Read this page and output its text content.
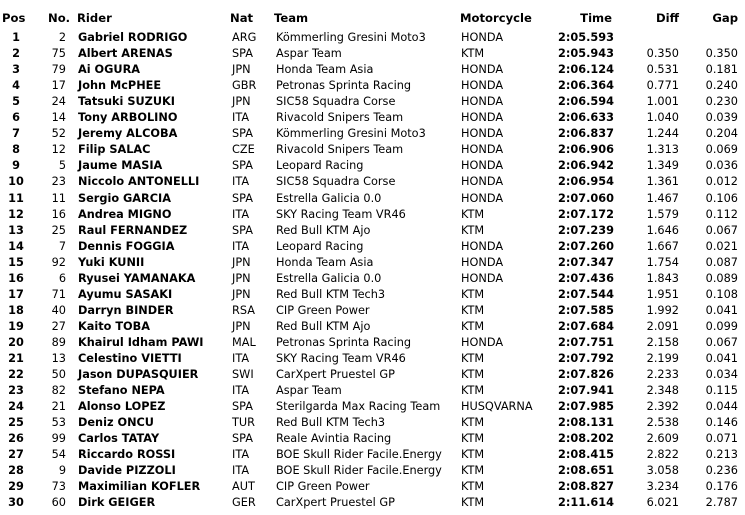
Pos	No. Rider	Nat	Team	Motorcycle	Time	Diff	Gap
1	2 Gabriel RODRIGO	ARG	Kömmerling Gresini Moto3	HONDA	2:05.593
2	75 Albert ARENAS	SPA	Aspar Team	KTM	2:05.943	0.350	0.350
3	79 Ai OGURA	JPN	Honda Team Asia	HONDA	2:06.124	0.531	0.181
4	17 John McPHEE	GBR	Petronas Sprinta Racing	HONDA	2:06.364	0.771	0.240
5	24 Tatsuki SUZUKI	JPN	SIC58 Squadra Corse	HONDA	2:06.594	1.001	0.230
6	14 Tony ARBOLINO	ITA	Rivacold Snipers Team	HONDA	2:06.633	1.040	0.039
7	52 Jeremy ALCOBA	SPA	Kömmerling Gresini Moto3	HONDA	2:06.837	1.244	0.204
8	12 Filip SALAC	CZE	Rivacold Snipers Team	HONDA	2:06.906	1.313	0.069
9	5 Jaume MASIA	SPA	Leopard Racing	HONDA	2:06.942	1.349	0.036
10	23 Niccolo ANTONELLI	ITA	SIC58 Squadra Corse	HONDA	2:06.954	1.361	0.012
11	11 Sergio GARCIA	SPA	Estrella Galicia 0.0	HONDA	2:07.060	1.467	0.106
12	16 Andrea MIGNO	ITA	SKY Racing Team VR46	KTM	2:07.172	1.579	0.112
13	25 Raul FERNANDEZ	SPA	Red Bull KTM Ajo	KTM	2:07.239	1.646	0.067
14	7 Dennis FOGGIA	ITA	Leopard Racing	HONDA	2:07.260	1.667	0.021
15	92 Yuki KUNII	JPN	Honda Team Asia	HONDA	2:07.347	1.754	0.087
16	6 Ryusei YAMANAKA	JPN	Estrella Galicia 0.0	HONDA	2:07.436	1.843	0.089
17	71 Ayumu SASAKI	JPN	Red Bull KTM Tech3	KTM	2:07.544	1.951	0.108
18	40 Darryn BINDER	RSA	CIP Green Power	KTM	2:07.585	1.992	0.041
19	27 Kaito TOBA	JPN	Red Bull KTM Ajo	KTM	2:07.684	2.091	0.099
20	89 Khairul Idham PAWI	MAL	Petronas Sprinta Racing	HONDA	2:07.751	2.158	0.067
21	13 Celestino VIETTI	ITA	SKY Racing Team VR46	KTM	2:07.792	2.199	0.041
22	50 Jason DUPASQUIER	SWI	CarXpert Pruestel GP	KTM	2:07.826	2.233	0.034
23	82 Stefano NEPA	ITA	Aspar Team	KTM	2:07.941	2.348	0.115
24	21 Alonso LOPEZ	SPA	Sterilgarda Max Racing Team	HUSQVARNA	2:07.985	2.392	0.044
25	53 Deniz ONCU	TUR	Red Bull KTM Tech3	KTM	2:08.131	2.538	0.146
26	99 Carlos TATAY	SPA	Reale Avintia Racing	KTM	2:08.202	2.609	0.071
27	54 Riccardo ROSSI	ITA	BOE Skull Rider Facile.Energy	KTM	2:08.415	2.822	0.213
28	9 Davide PIZZOLI	ITA	BOE Skull Rider Facile.Energy	KTM	2:08.651	3.058	0.236
29	73 Maximilian KOFLER	AUT	CIP Green Power	KTM	2:08.827	3.234	0.176
30	60 Dirk GEIGER	GER	CarXpert Pruestel GP	KTM	2:11.614	6.021	2.787
